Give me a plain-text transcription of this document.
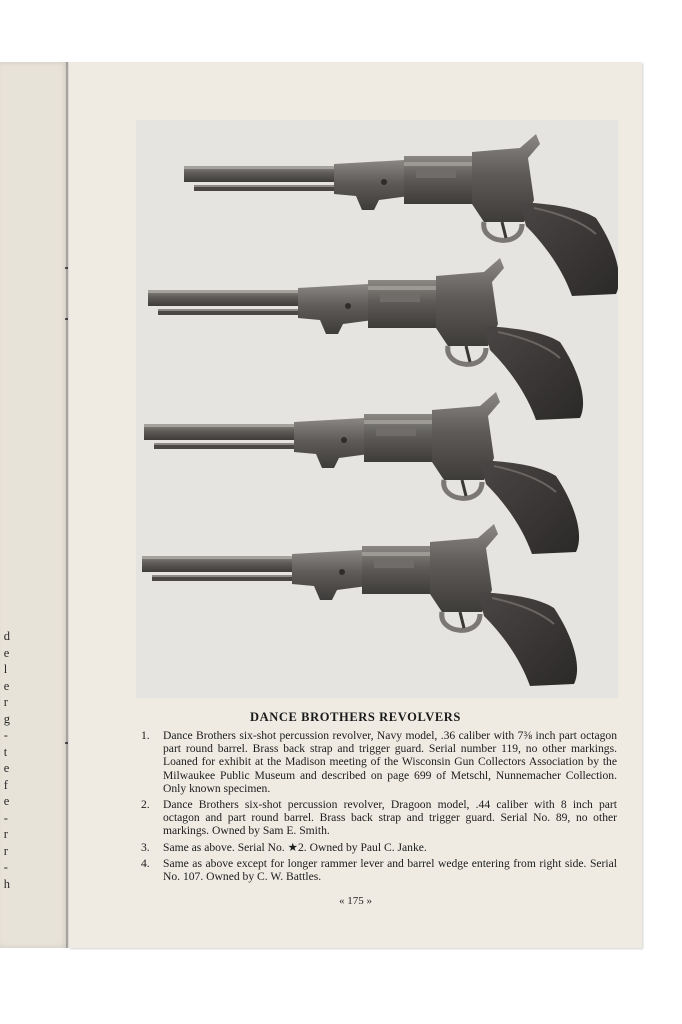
d
e
l
e
r
g
-
t
e
f
e
-
r
r
-
h
DANCE BROTHERS REVOLVERS
1.	Dance Brothers six-shot percussion revolver, Navy model, .36 caliber with 7⅜ inch part octagon part round barrel. Brass back strap and trigger guard. Serial number 119, no other markings. Loaned for exhibit at the Madison meeting of the Wisconsin Gun Collectors Association by the Milwaukee Public Museum and described on page 699 of Metschl, Nunnemacher Collection. Only known specimen.
2.	Dance Brothers six-shot percussion revolver, Dragoon model, .44 caliber with 8 inch part octagon and part round barrel. Brass back strap and trigger guard. Serial No. 89, no other markings. Owned by Sam E. Smith.
3.	Same as above. Serial No. ★2. Owned by Paul C. Janke.
4.	Same as above except for longer rammer lever and barrel wedge entering from right side. Serial No. 107. Owned by C. W. Battles.
« 175 »
